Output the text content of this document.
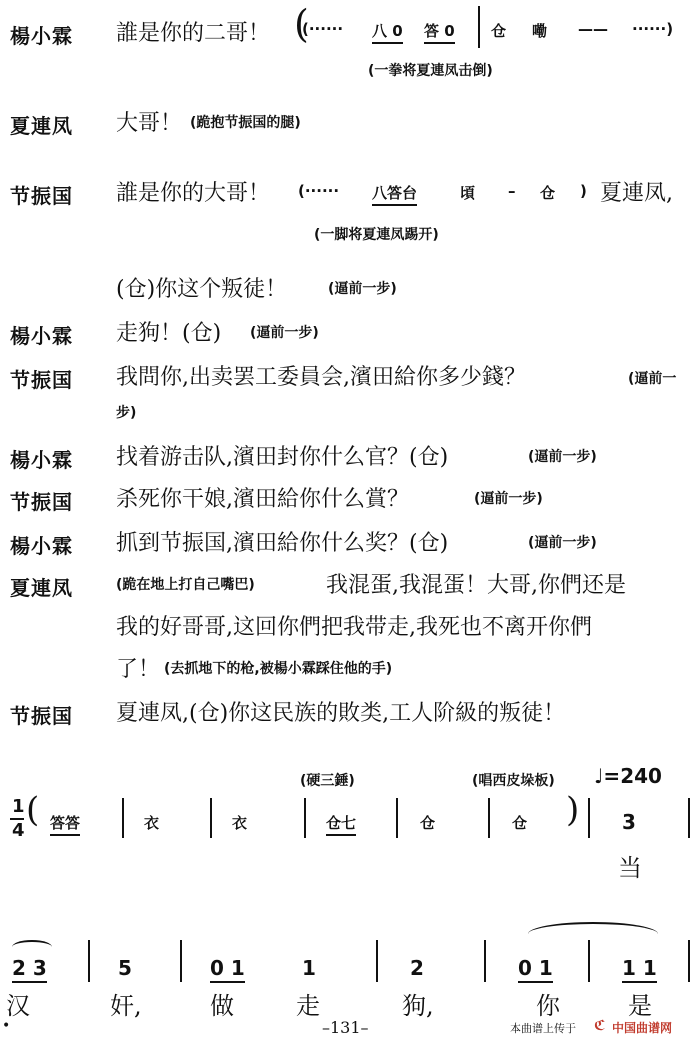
楊小霖 誰是你的二哥！ (
(······ 八 0 答 0 仓 嘞 —— ······)
(一拳将夏連凤击倒)
夏連凤 大哥！ (跪抱节振国的腿)
节振国 誰是你的大哥！ (······ 八答台	頃 – 仓 ) 夏連凤,
(一脚将夏連凤踢开)
(仓)你这个叛徒！	(逼前一步)
楊小霖 走狗！(仓) (逼前一步)
节振国 我問你,出卖罢工委員会,濱田給你多少錢？	(逼前一
步)
楊小霖 找着游击队,濱田封你什么官？(仓)	(逼前一步)
节振国 杀死你干娘,濱田給你什么賞？	(逼前一步)
楊小霖 抓到节振国,濱田給你什么奖？(仓)	(逼前一步)
夏連凤	(跪在地上打自己嘴巴)	我混蛋,我混蛋！大哥,你們还是
我的好哥哥,这回你們把我带走,我死也不离开你們
了！ (去抓地下的枪,被楊小霖踩住他的手)
节振国 夏連凤,(仓)你这民族的敗类,工人阶級的叛徒！
(硬三錘)	(唱西皮垛板) ♩=240
1
4
( 答答	衣	衣	仓七	仓	仓 ) 3
当
2 3	5	0 1	1	2	0 1	1 1
汉	奸,	做	走	狗,	你	是
•	–131–	本曲谱上传于 ℭ 中国曲谱网
